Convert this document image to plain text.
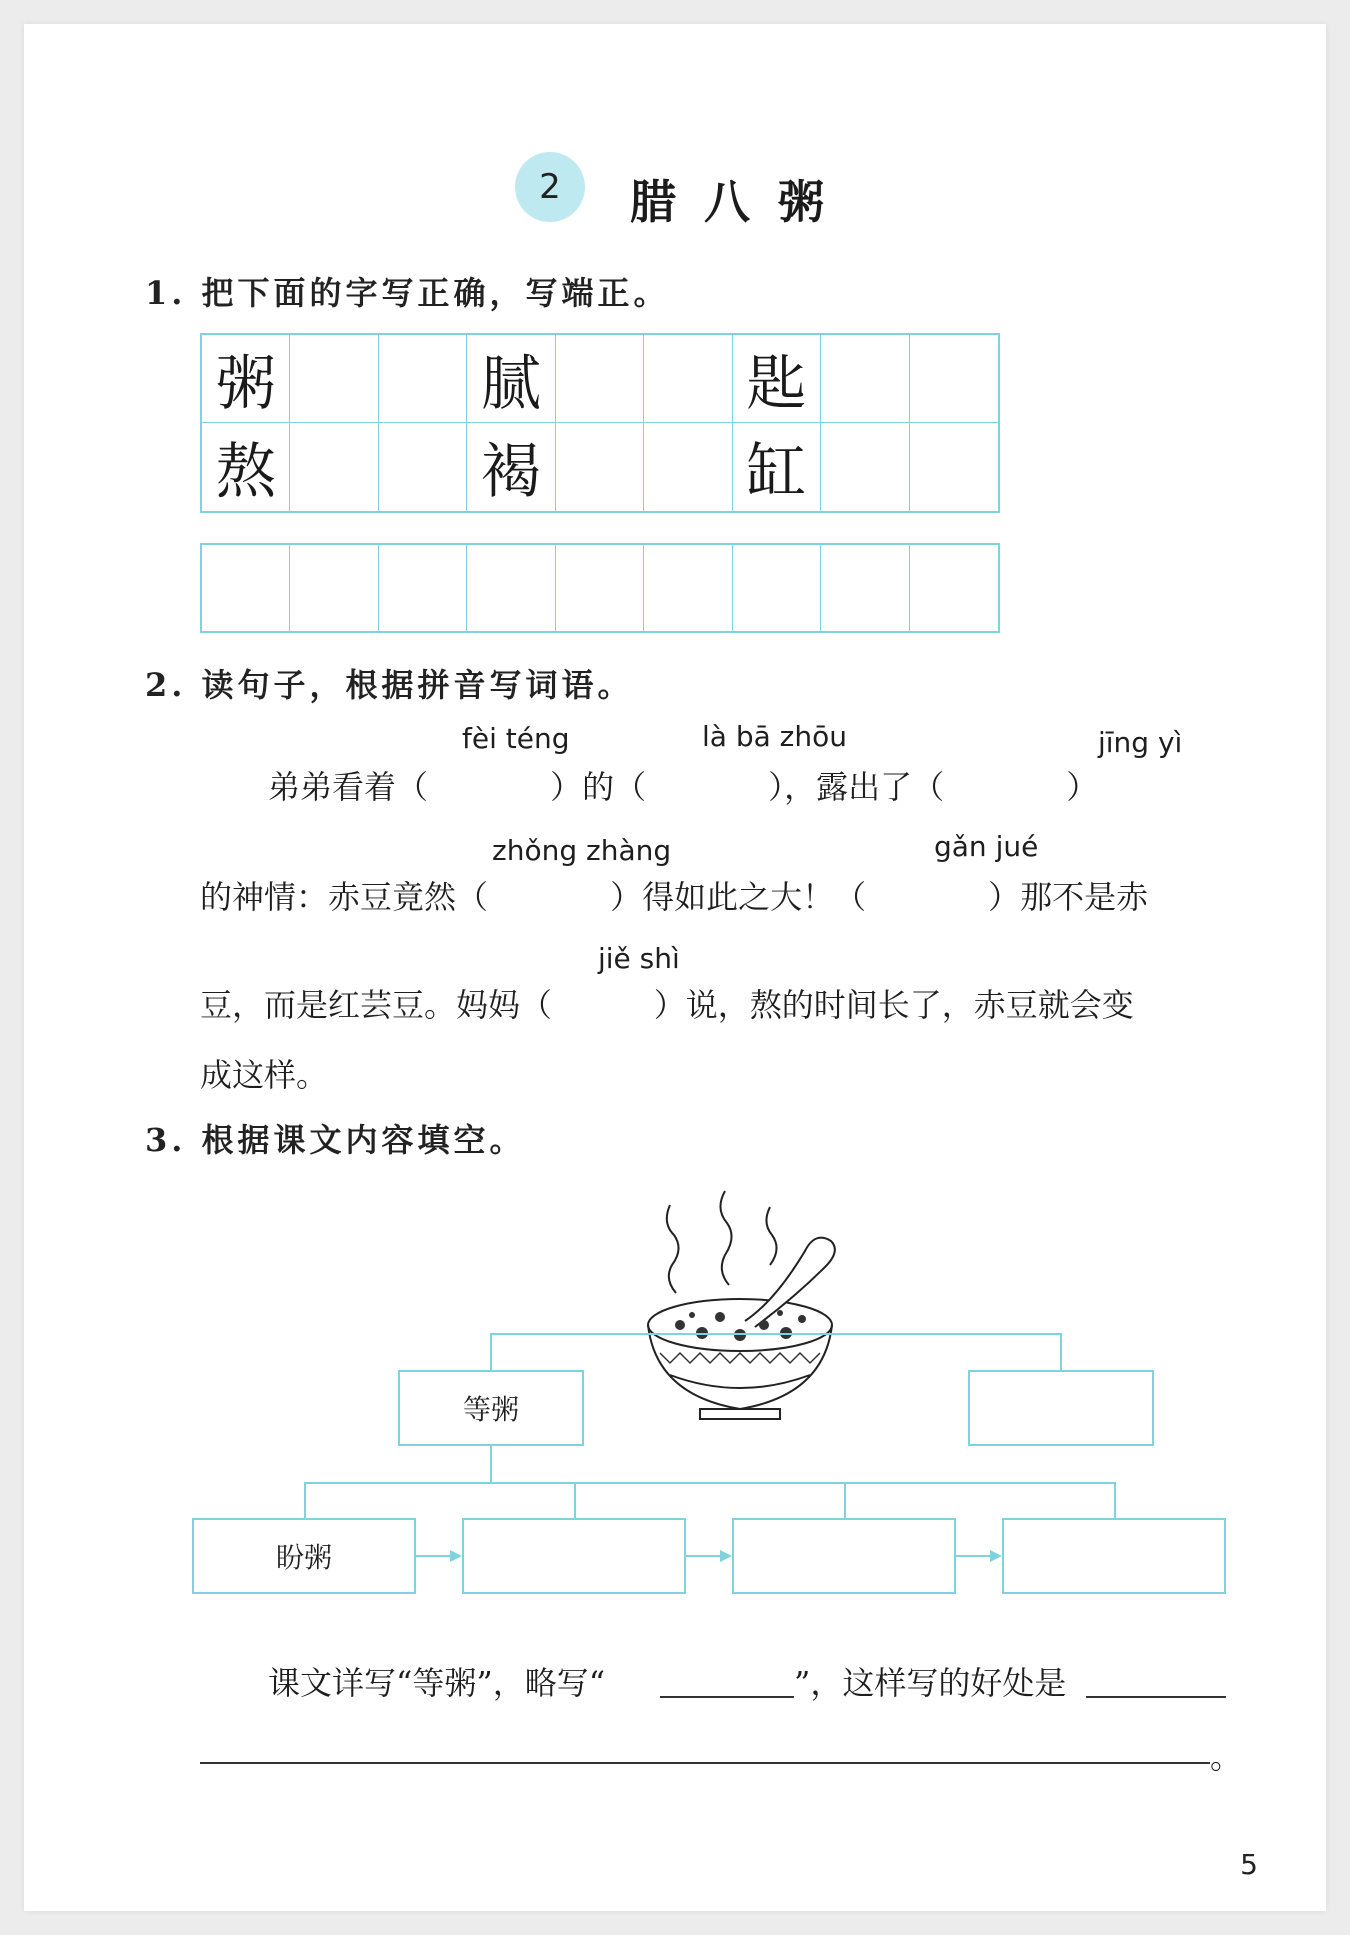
2	腊八粥
1. 把下面的字写正确，写端正。
粥	腻	匙
熬	褐	缸
2. 读句子，根据拼音写词语。
fèi téng	là bā zhōu	jīng yì
弟弟看着（            ）的（            ），露出了（            ）
zhǒng zhàng	gǎn jué
的神情：赤豆竟然（            ）得如此之大！（            ）那不是赤
jiě shì
豆，而是红芸豆。妈妈（          ）说，熬的时间长了，赤豆就会变
成这样。
3. 根据课文内容填空。
等粥
盼粥
课文详写“等粥”，略写“	”，这样写的好处是
。
5
